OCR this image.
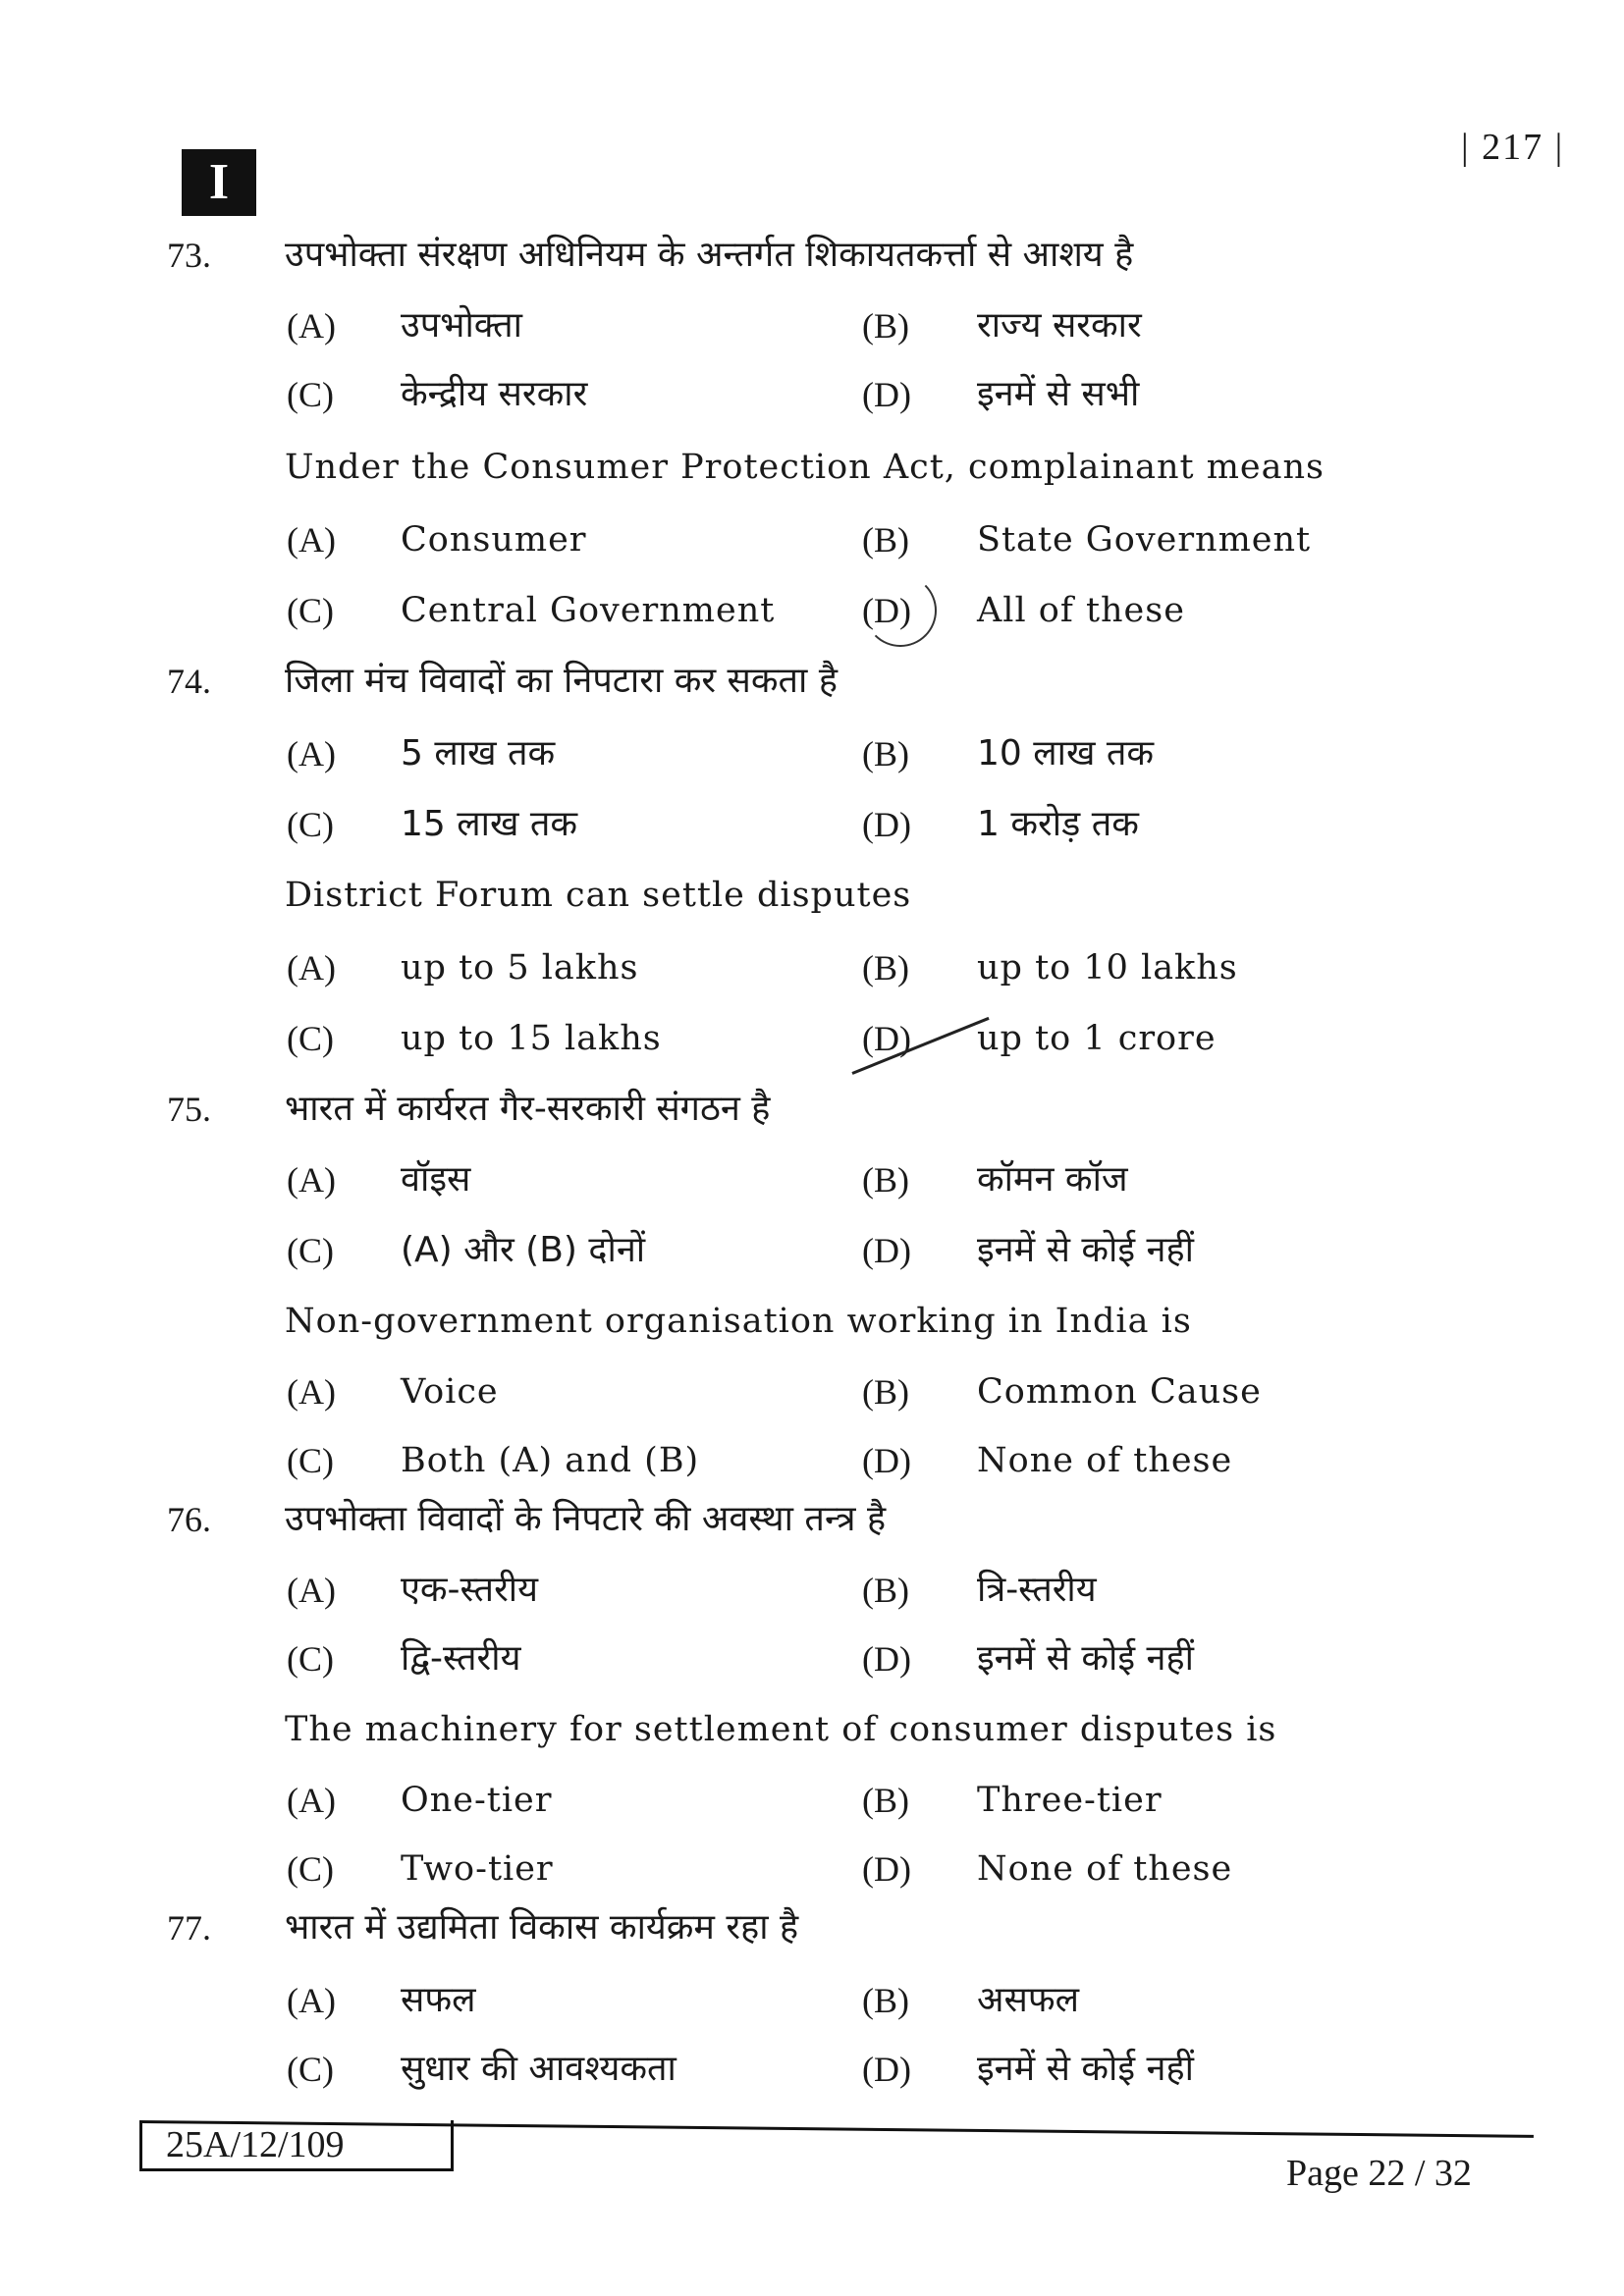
I
| 217 |
73. उपभोक्ता संरक्षण अधिनियम के अन्तर्गत शिकायतकर्त्ता से आशय है
(A) उपभोक्ता	(B) राज्य सरकार
(C) केन्द्रीय सरकार	(D) इनमें से सभी
Under the Consumer Protection Act, complainant means
(A) Consumer	(B) State Government
(C) Central Government (D) All of these
74. जिला मंच विवादों का निपटारा कर सकता है
(A) 5 लाख तक	(B) 10 लाख तक
(C) 15 लाख तक	(D) 1 करोड़ तक
District Forum can settle disputes
(A) up to 5 lakhs	(B) up to 10 lakhs
(C) up to 15 lakhs	(D) up to 1 crore
75. भारत में कार्यरत गैर-सरकारी संगठन है
(A) वॉइस	(B) कॉमन कॉज
(C) (A) और (B) दोनों	(D) इनमें से कोई नहीं
Non-government organisation working in India is
(A) Voice	(B) Common Cause
(C) Both (A) and (B)	(D) None of these
76. उपभोक्ता विवादों के निपटारे की अवस्था तन्त्र है
(A) एक-स्तरीय	(B) त्रि-स्तरीय
(C) द्वि-स्तरीय	(D) इनमें से कोई नहीं
The machinery for settlement of consumer disputes is
(A) One-tier	(B) Three-tier
(C) Two-tier	(D) None of these
77. भारत में उद्यमिता विकास कार्यक्रम रहा है
(A) सफल	(B) असफल
(C) सुधार की आवश्यकता	(D) इनमें से कोई नहीं
25A/12/109
Page 22 / 32
